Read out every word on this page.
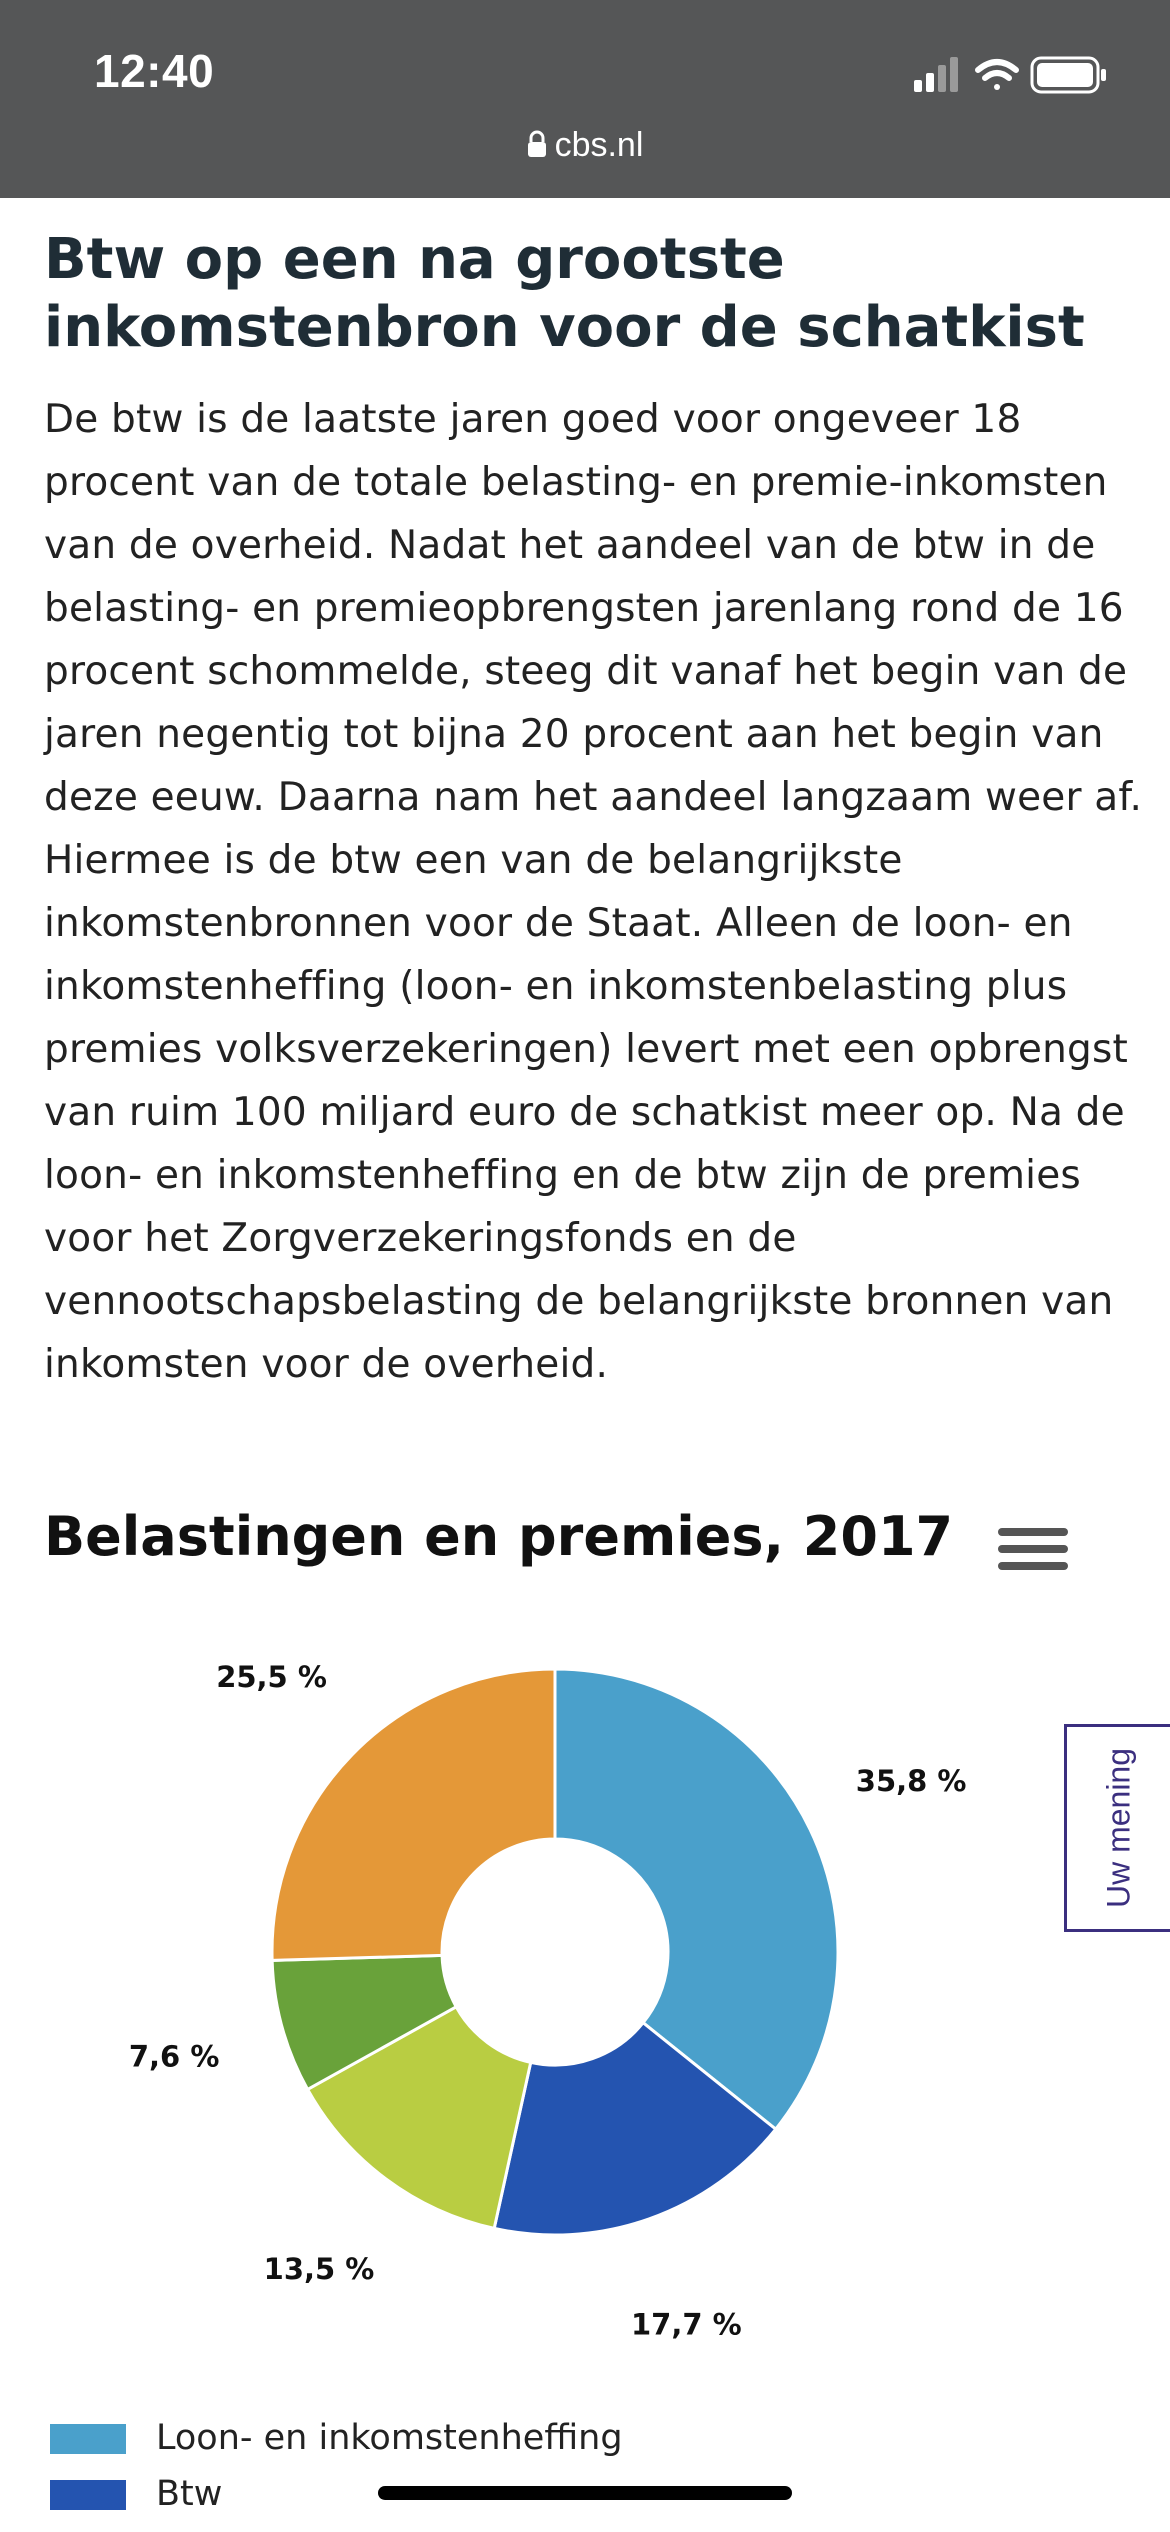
12:40
cbs.nl
Btw op een na grootste inkomstenbron voor de schatkist

De btw is de laatste jaren goed voor ongeveer 18 procent van de totale belasting- en premie-inkomsten van de overheid. Nadat het aandeel van de btw in de belasting- en premieopbrengsten jarenlang rond de 16 procent schommelde, steeg dit vanaf het begin van de jaren negentig tot bijna 20 procent aan het begin van deze eeuw. Daarna nam het aandeel langzaam weer af. Hiermee is de btw een van de belangrijkste inkomstenbronnen voor de Staat. Alleen de loon- en inkomstenheffing (loon- en inkomstenbelasting plus premies volksverzekeringen) levert met een opbrengst van ruim 100 miljard euro de schatkist meer op. Na de loon- en inkomstenheffing en de btw zijn de premies voor het Zorgverzekeringsfonds en de vennootschapsbelasting de belangrijkste bronnen van inkomsten voor de overheid.

Belastingen en premies, 2017
Uw mening
35,8 %
17,7 %
13,5 %
7,6 %
25,5 %
Loon- en inkomstenheffing
Btw
